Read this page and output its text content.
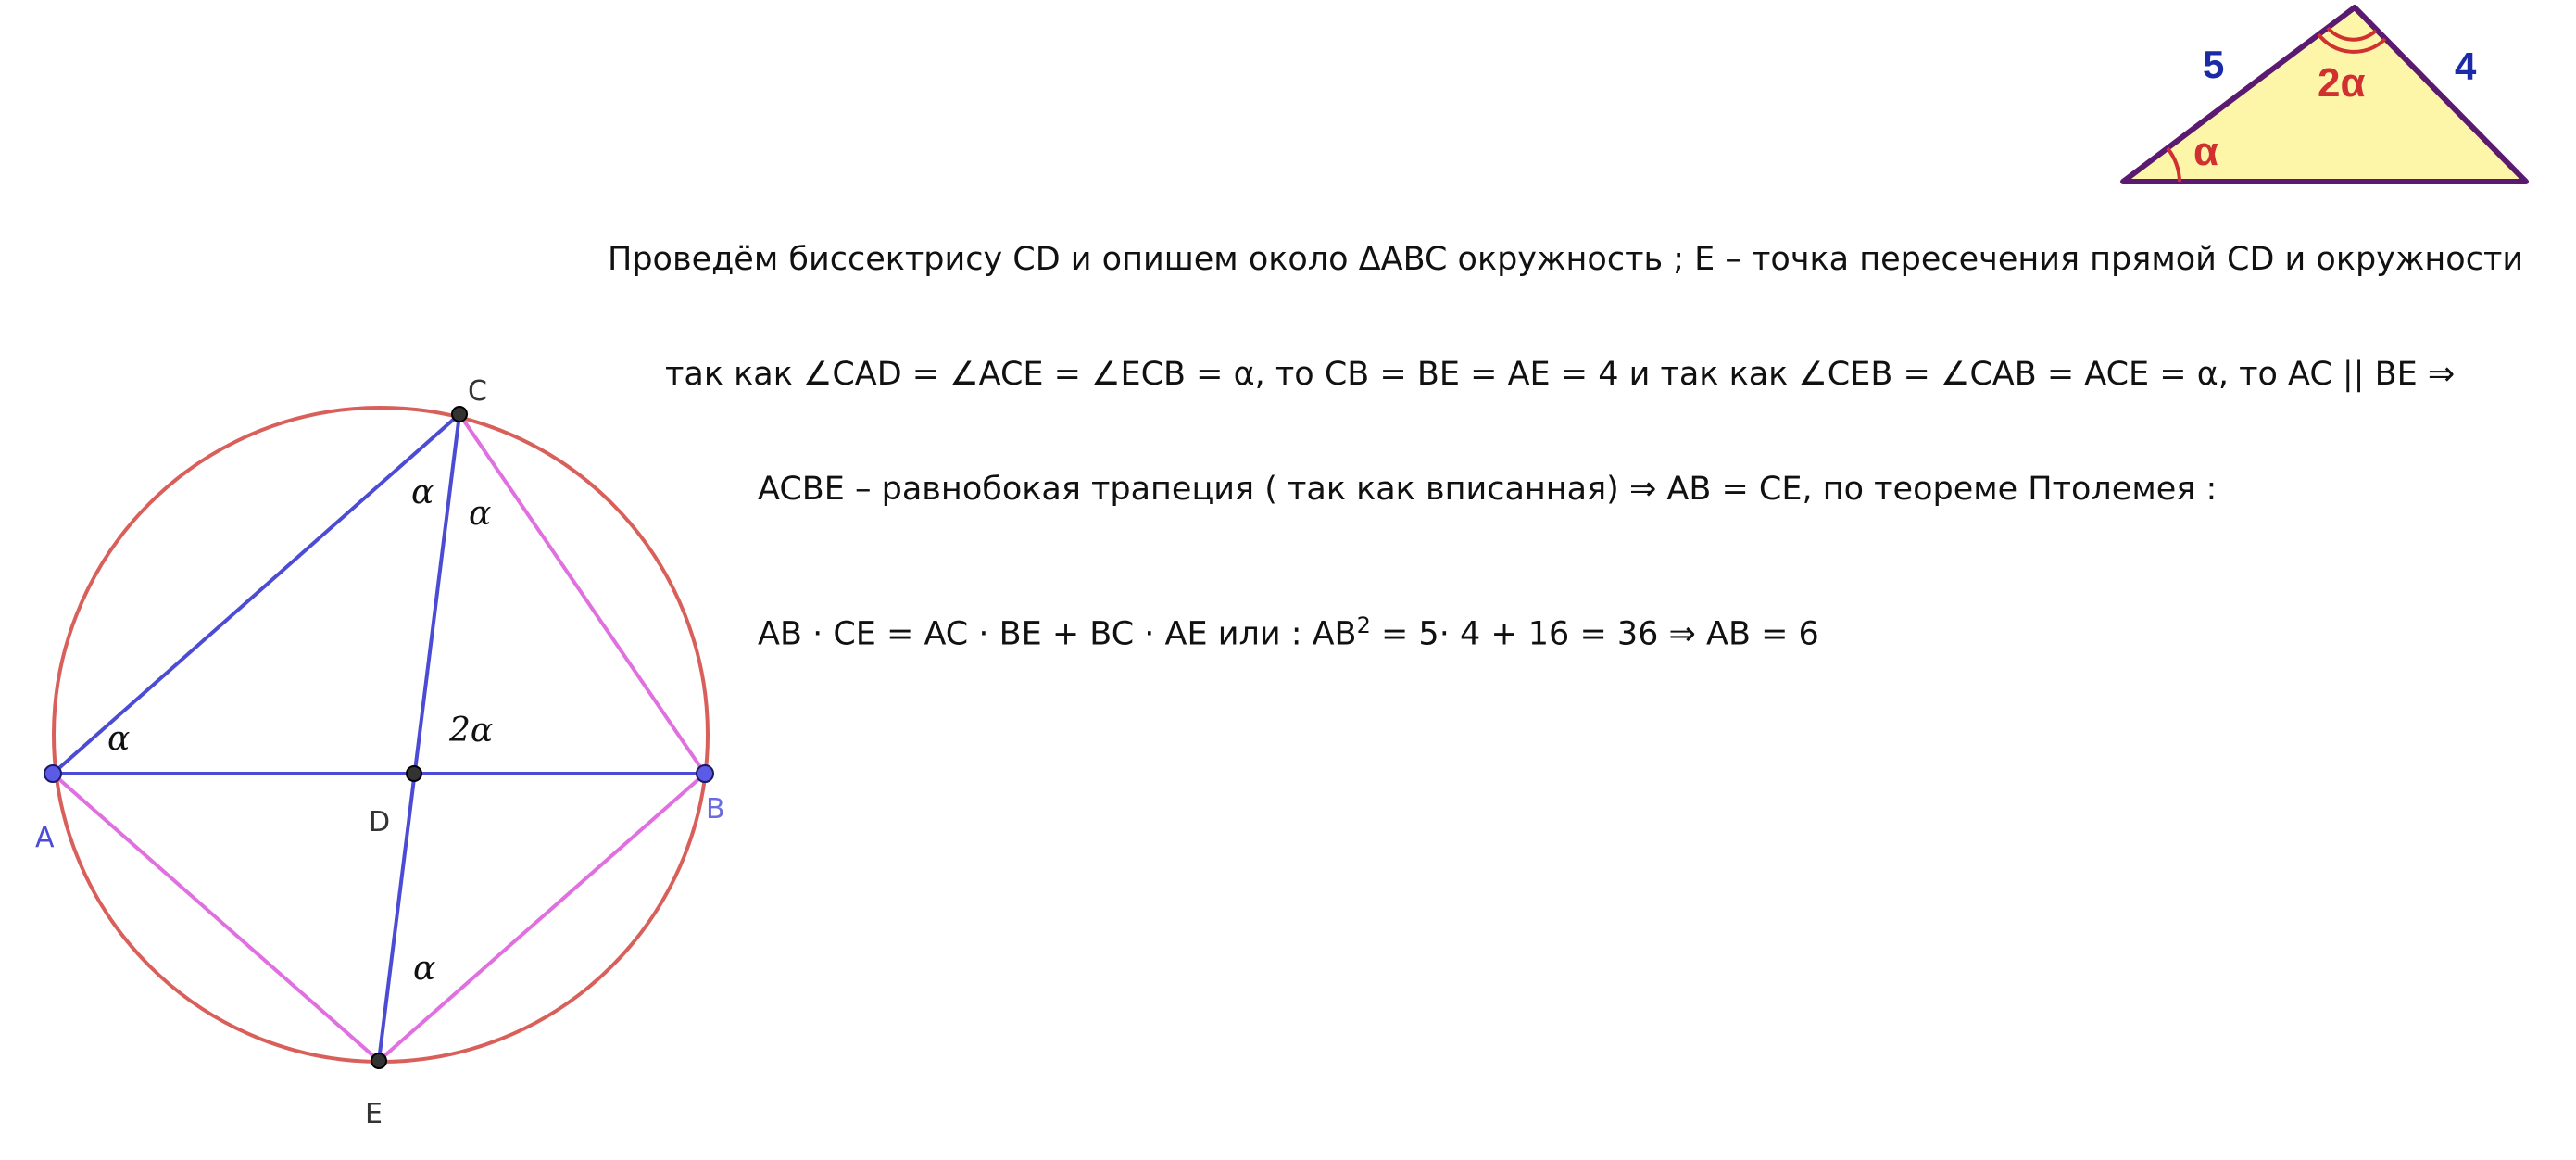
5	4
2α
α
A
B
C
D
E
α
α
α	2α
α
Проведём биссектрису CD и опишем около ΔABC окружность ; E – точка пересечения прямой CD и окружности
так как ∠CAD = ∠ACE = ∠ECB = α, то CB = BE = AE = 4 и так как ∠CEB = ∠CAB = ACE = α, то AC || BE ⇒
ACBE – равнобокая трапеция ( так как вписанная) ⇒ AB = CE, по теореме Птолемея :
AB · CE = AC · BE + BC · AE или : $AB^2 = 5\cdot 4 + 16 = 36$ ⇒ AB = 6
